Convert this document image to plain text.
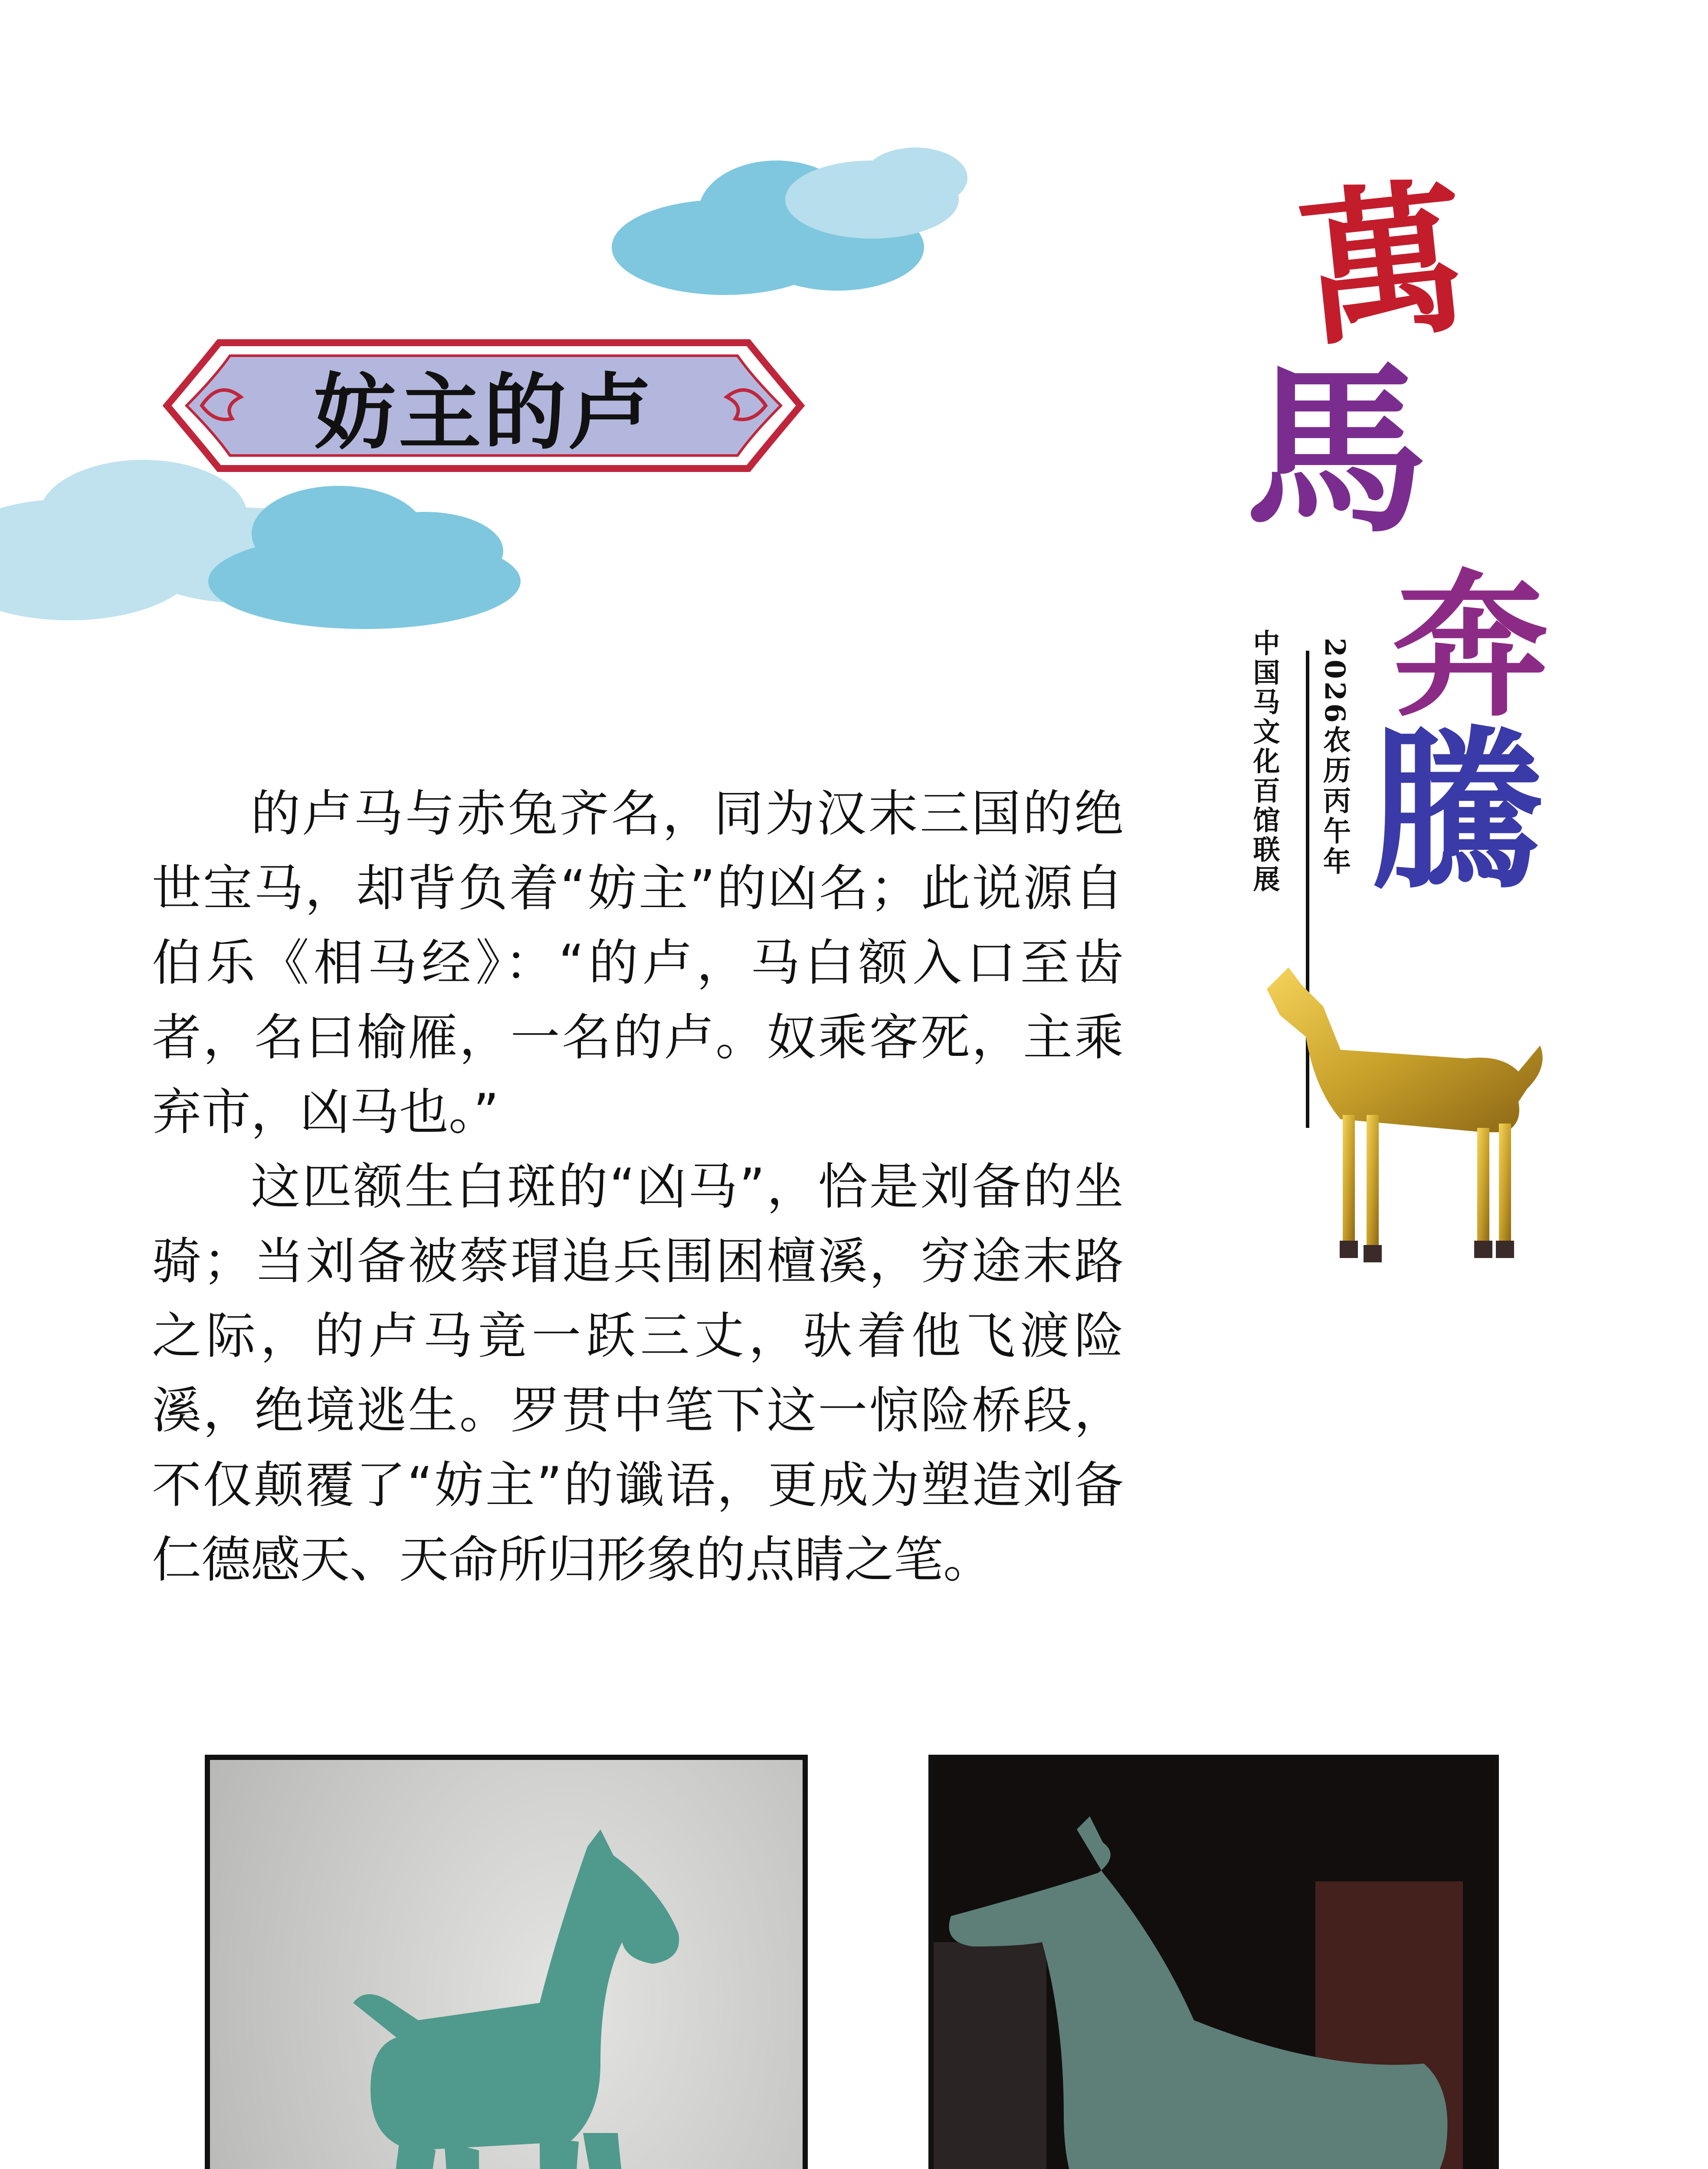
妨主的卢
萬
馬
奔
騰
2026农历丙午年
中国马文化百馆联展

的卢马与赤兔齐名，同为汉末三国的绝世宝马，却背负着“妨主”的凶名；此说源自伯乐《相马经》：“的卢，马白额入口至齿者，名曰榆雁，一名的卢。奴乘客死，主乘弃市，凶马也。”

这匹额生白斑的“凶马”，恰是刘备的坐骑；当刘备被蔡瑁追兵围困檀溪，穷途末路之际，的卢马竟一跃三丈，驮着他飞渡险溪，绝境逃生。罗贯中笔下这一惊险桥段，不仅颠覆了“妨主”的谶语，更成为塑造刘备仁德感天、天命所归形象的点睛之笔。
